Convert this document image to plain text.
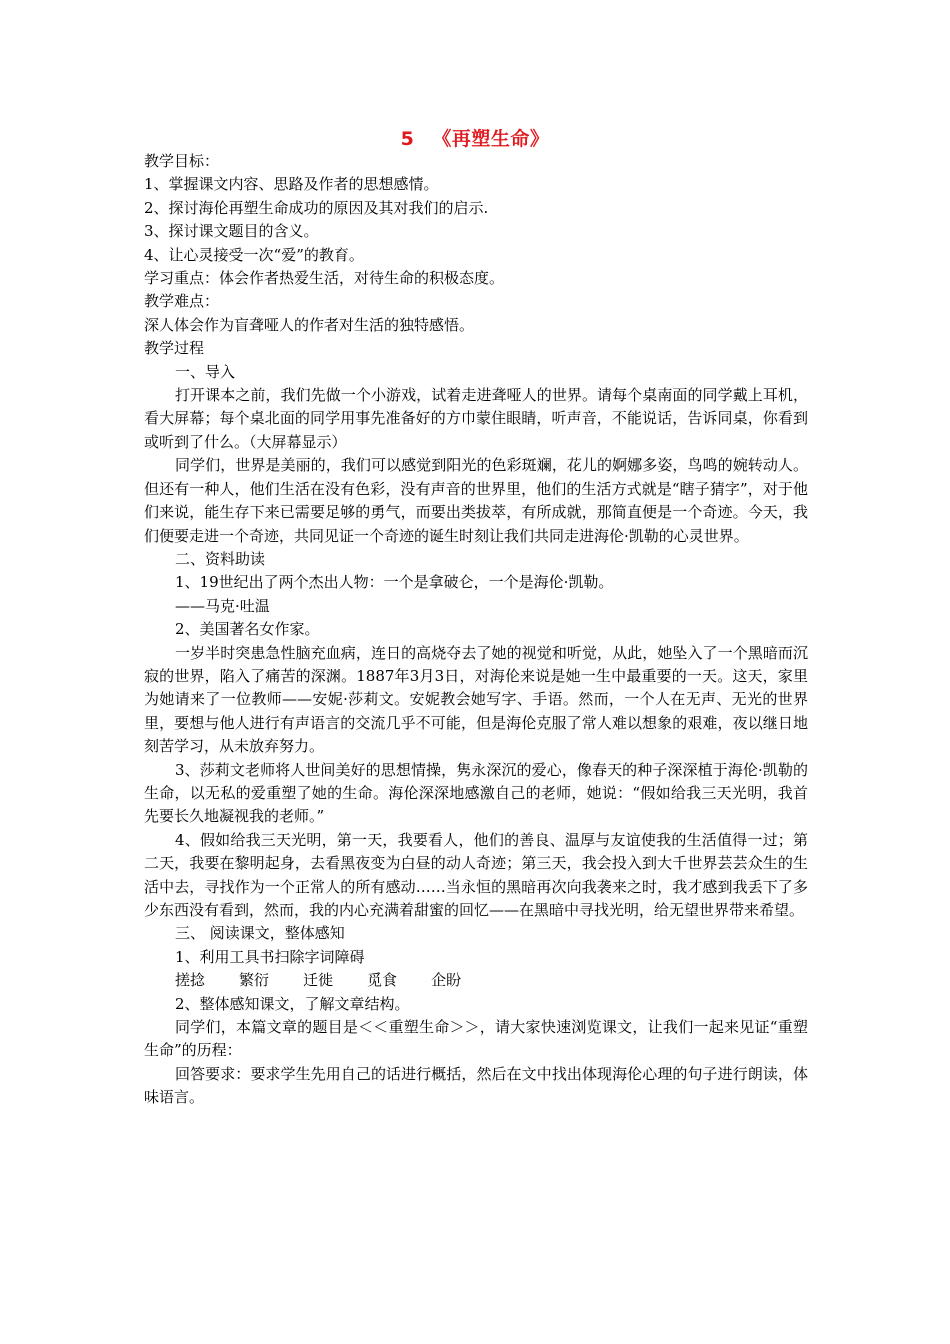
5 《再塑生命》

教学目标：

1、掌握课文内容、思路及作者的思想感情。

2、探讨海伦再塑生命成功的原因及其对我们的启示.

3、探讨课文题目的含义。

4、让心灵接受一次“爱”的教育。

学习重点：体会作者热爱生活，对待生命的积极态度。

教学难点：

深人体会作为盲聋哑人的作者对生活的独特感悟。

教学过程

一、导入

打开课本之前，我们先做一个小游戏，试着走进聋哑人的世界。请每个桌南面的同学戴上耳机，看大屏幕；每个桌北面的同学用事先准备好的方巾蒙住眼睛，听声音，不能说话，告诉同桌，你看到或听到了什么。（大屏幕显示）

同学们，世界是美丽的，我们可以感觉到阳光的色彩斑斓，花儿的婀娜多姿，鸟鸣的婉转动人。但还有一种人，他们生活在没有色彩，没有声音的世界里，他们的生活方式就是“瞎子猜字”，对于他们来说，能生存下来已需要足够的勇气，而要出类拔萃，有所成就，那简直便是一个奇迹。今天，我们便要走进一个奇迹，共同见证一个奇迹的诞生时刻让我们共同走进海伦·凯勒的心灵世界。

二、资料助读

1、19世纪出了两个杰出人物：一个是拿破仑，一个是海伦·凯勒。

——马克·吐温

2、美国著名女作家。

一岁半时突患急性脑充血病，连日的高烧夺去了她的视觉和听觉，从此，她坠入了一个黑暗而沉寂的世界，陷入了痛苦的深渊。1887年3月3日，对海伦来说是她一生中最重要的一天。这天，家里为她请来了一位教师——安妮·莎莉文。安妮教会她写字、手语。然而，一个人在无声、无光的世界里，要想与他人进行有声语言的交流几乎不可能，但是海伦克服了常人难以想象的艰难，夜以继日地刻苦学习，从未放弃努力。

3、莎莉文老师将人世间美好的思想情操，隽永深沉的爱心，像春天的种子深深植于海伦·凯勒的生命，以无私的爱重塑了她的生命。海伦深深地感激自己的老师，她说：“假如给我三天光明，我首先要长久地凝视我的老师。”

4、假如给我三天光明，第一天，我要看人，他们的善良、温厚与友谊使我的生活值得一过；第二天，我要在黎明起身，去看黑夜变为白昼的动人奇迹；第三天，我会投入到大千世界芸芸众生的生活中去，寻找作为一个正常人的所有感动……当永恒的黑暗再次向我袭来之时，我才感到我丢下了多少东西没有看到，然而，我的内心充满着甜蜜的回忆——在黑暗中寻找光明，给无望世界带来希望。

三、 阅读课文，整体感知

1、利用工具书扫除字词障碍

搓捻 繁衍 迁徙 觅食 企盼

2、整体感知课文，了解文章结构。

同学们，本篇文章的题目是＜＜重塑生命＞＞，请大家快速浏览课文，让我们一起来见证“重塑生命”的历程：

回答要求：要求学生先用自己的话进行概括，然后在文中找出体现海伦心理的句子进行朗读，体味语言。
